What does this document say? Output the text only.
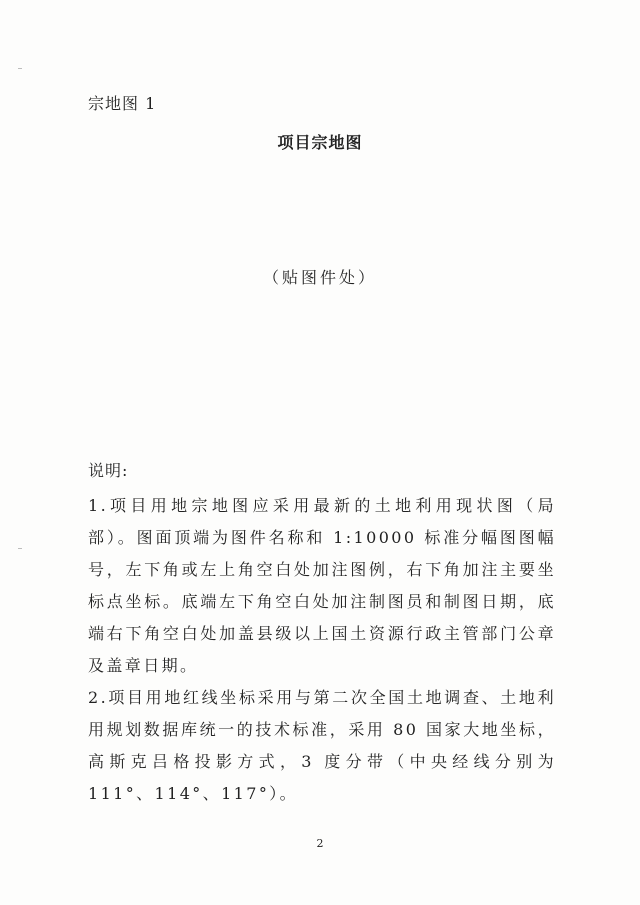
宗地图 1
项目宗地图
（贴图件处）
说明:

1.项目用地宗地图应采用最新的土地利用现状图（局部）。图面顶端为图件名称和 1:10000 标准分幅图图幅号，左下角或左上角空白处加注图例，右下角加注主要坐标点坐标。底端左下角空白处加注制图员和制图日期，底端右下角空白处加盖县级以上国土资源行政主管部门公章及盖章日期。

2.项目用地红线坐标采用与第二次全国土地调查、土地利用规划数据库统一的技术标准，采用 80 国家大地坐标，高斯克吕格投影方式，3 度分带（中央经线分别为 111°、114°、117°）。

2
